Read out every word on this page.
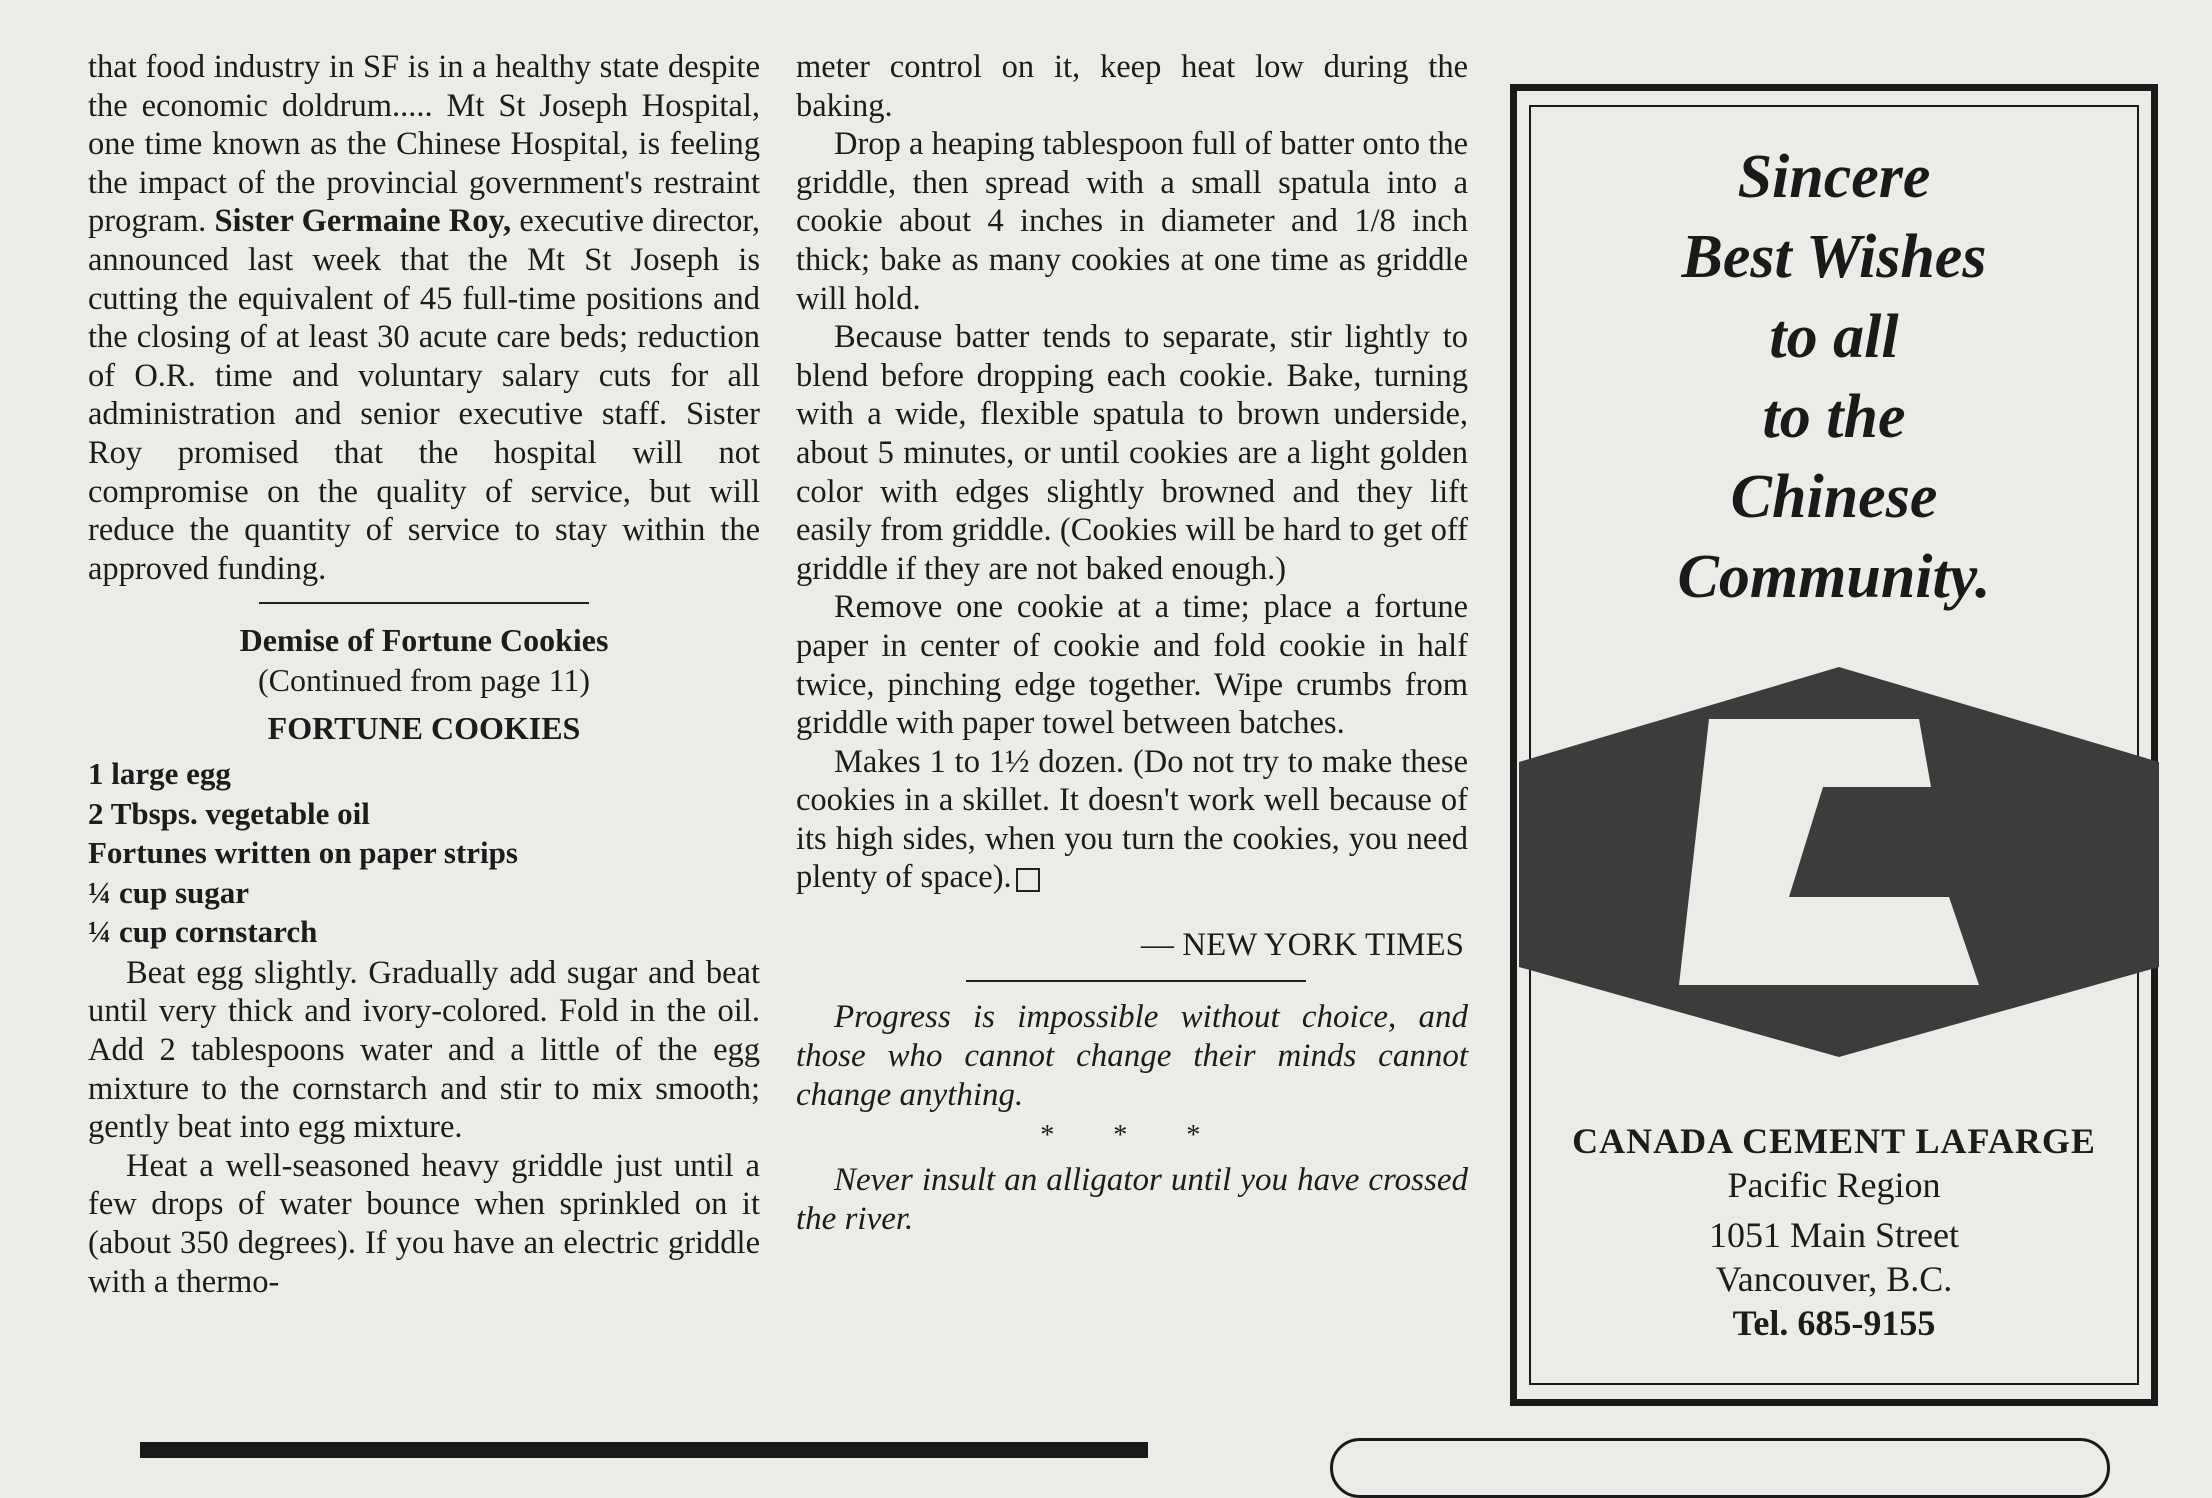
that food industry in SF is in a healthy state despite the economic doldrum..... Mt St Joseph Hospital, one time known as the Chinese Hospital, is feeling the impact of the provincial government's restraint program. Sister Germaine Roy, executive director, announced last week that the Mt St Joseph is cutting the equivalent of 45 full-time positions and the closing of at least 30 acute care beds; reduction of O.R. time and voluntary salary cuts for all administration and senior executive staff. Sister Roy promised that the hospital will not compromise on the quality of service, but will reduce the quantity of service to stay within the approved funding.

Demise of Fortune Cookies
(Continued from page 11)
FORTUNE COOKIES
1 large egg
2 Tbsps. vegetable oil
Fortunes written on paper strips
¼ cup sugar
¼ cup cornstarch

Beat egg slightly. Gradually add sugar and beat until very thick and ivory-colored. Fold in the oil. Add 2 tablespoons water and a little of the egg mixture to the cornstarch and stir to mix smooth; gently beat into egg mixture.

Heat a well-seasoned heavy griddle just until a few drops of water bounce when sprinkled on it (about 350 degrees). If you have an electric griddle with a thermo-

meter control on it, keep heat low during the baking.

Drop a heaping tablespoon full of batter onto the griddle, then spread with a small spatula into a cookie about 4 inches in diameter and 1/8 inch thick; bake as many cookies at one time as griddle will hold.

Because batter tends to separate, stir lightly to blend before dropping each cookie. Bake, turning with a wide, flexible spatula to brown underside, about 5 minutes, or until cookies are a light golden color with edges slightly browned and they lift easily from griddle. (Cookies will be hard to get off griddle if they are not baked enough.)

Remove one cookie at a time; place a fortune paper in center of cookie and fold cookie in half twice, pinching edge together. Wipe crumbs from griddle with paper towel between batches.

Makes 1 to 1½ dozen. (Do not try to make these cookies in a skillet. It doesn't work well because of its high sides, when you turn the cookies, you need plenty of space).

— NEW YORK TIMES

Progress is impossible without choice, and those who cannot change their minds cannot change anything.

* * *

Never insult an alligator until you have crossed the river.

Sincere
Best Wishes
to all
to the
Chinese
Community.
CANADA CEMENT LAFARGE
Pacific Region
1051 Main Street
Vancouver, B.C.
Tel. 685-9155
